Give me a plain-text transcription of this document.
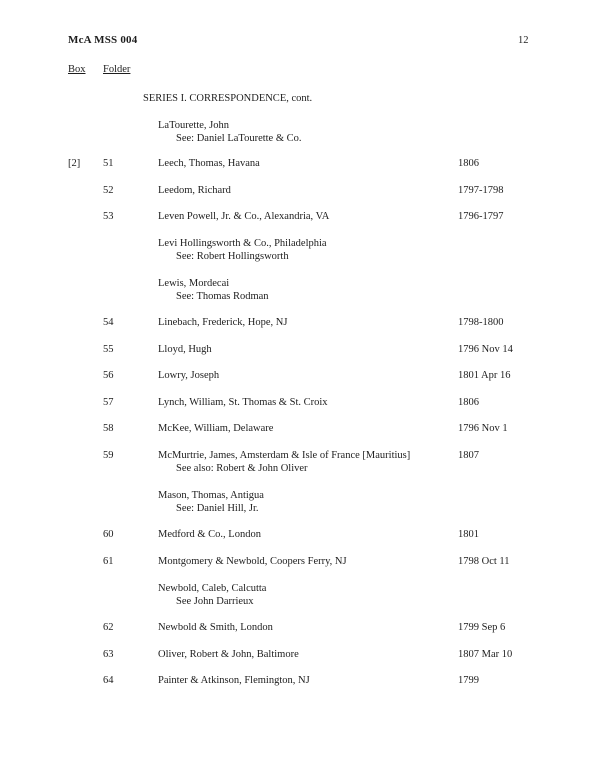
McA MSS 004	12
Box Folder
SERIES I. CORRESPONDENCE, cont.
LaTourette, John
See: Daniel LaTourette & Co.
[2] 51	Leech, Thomas, Havana	1806
52	Leedom, Richard	1797-1798
53	Leven Powell, Jr. & Co., Alexandria, VA	1796-1797
Levi Hollingsworth & Co., Philadelphia
See: Robert Hollingsworth
Lewis, Mordecai
See: Thomas Rodman
54	Linebach, Frederick, Hope, NJ	1798-1800
55	Lloyd, Hugh	1796 Nov 14
56	Lowry, Joseph	1801 Apr 16
57	Lynch, William, St. Thomas & St. Croix	1806
58	McKee, William, Delaware	1796 Nov 1
59	McMurtrie, James, Amsterdam & Isle of France [Mauritius]	1807
See also: Robert & John Oliver
Mason, Thomas, Antigua
See: Daniel Hill, Jr.
60	Medford & Co., London	1801
61	Montgomery & Newbold, Coopers Ferry, NJ	1798 Oct 11
Newbold, Caleb, Calcutta
See John Darrieux
62	Newbold & Smith, London	1799 Sep 6
63	Oliver, Robert & John, Baltimore	1807 Mar 10
64	Painter & Atkinson, Flemington, NJ	1799
